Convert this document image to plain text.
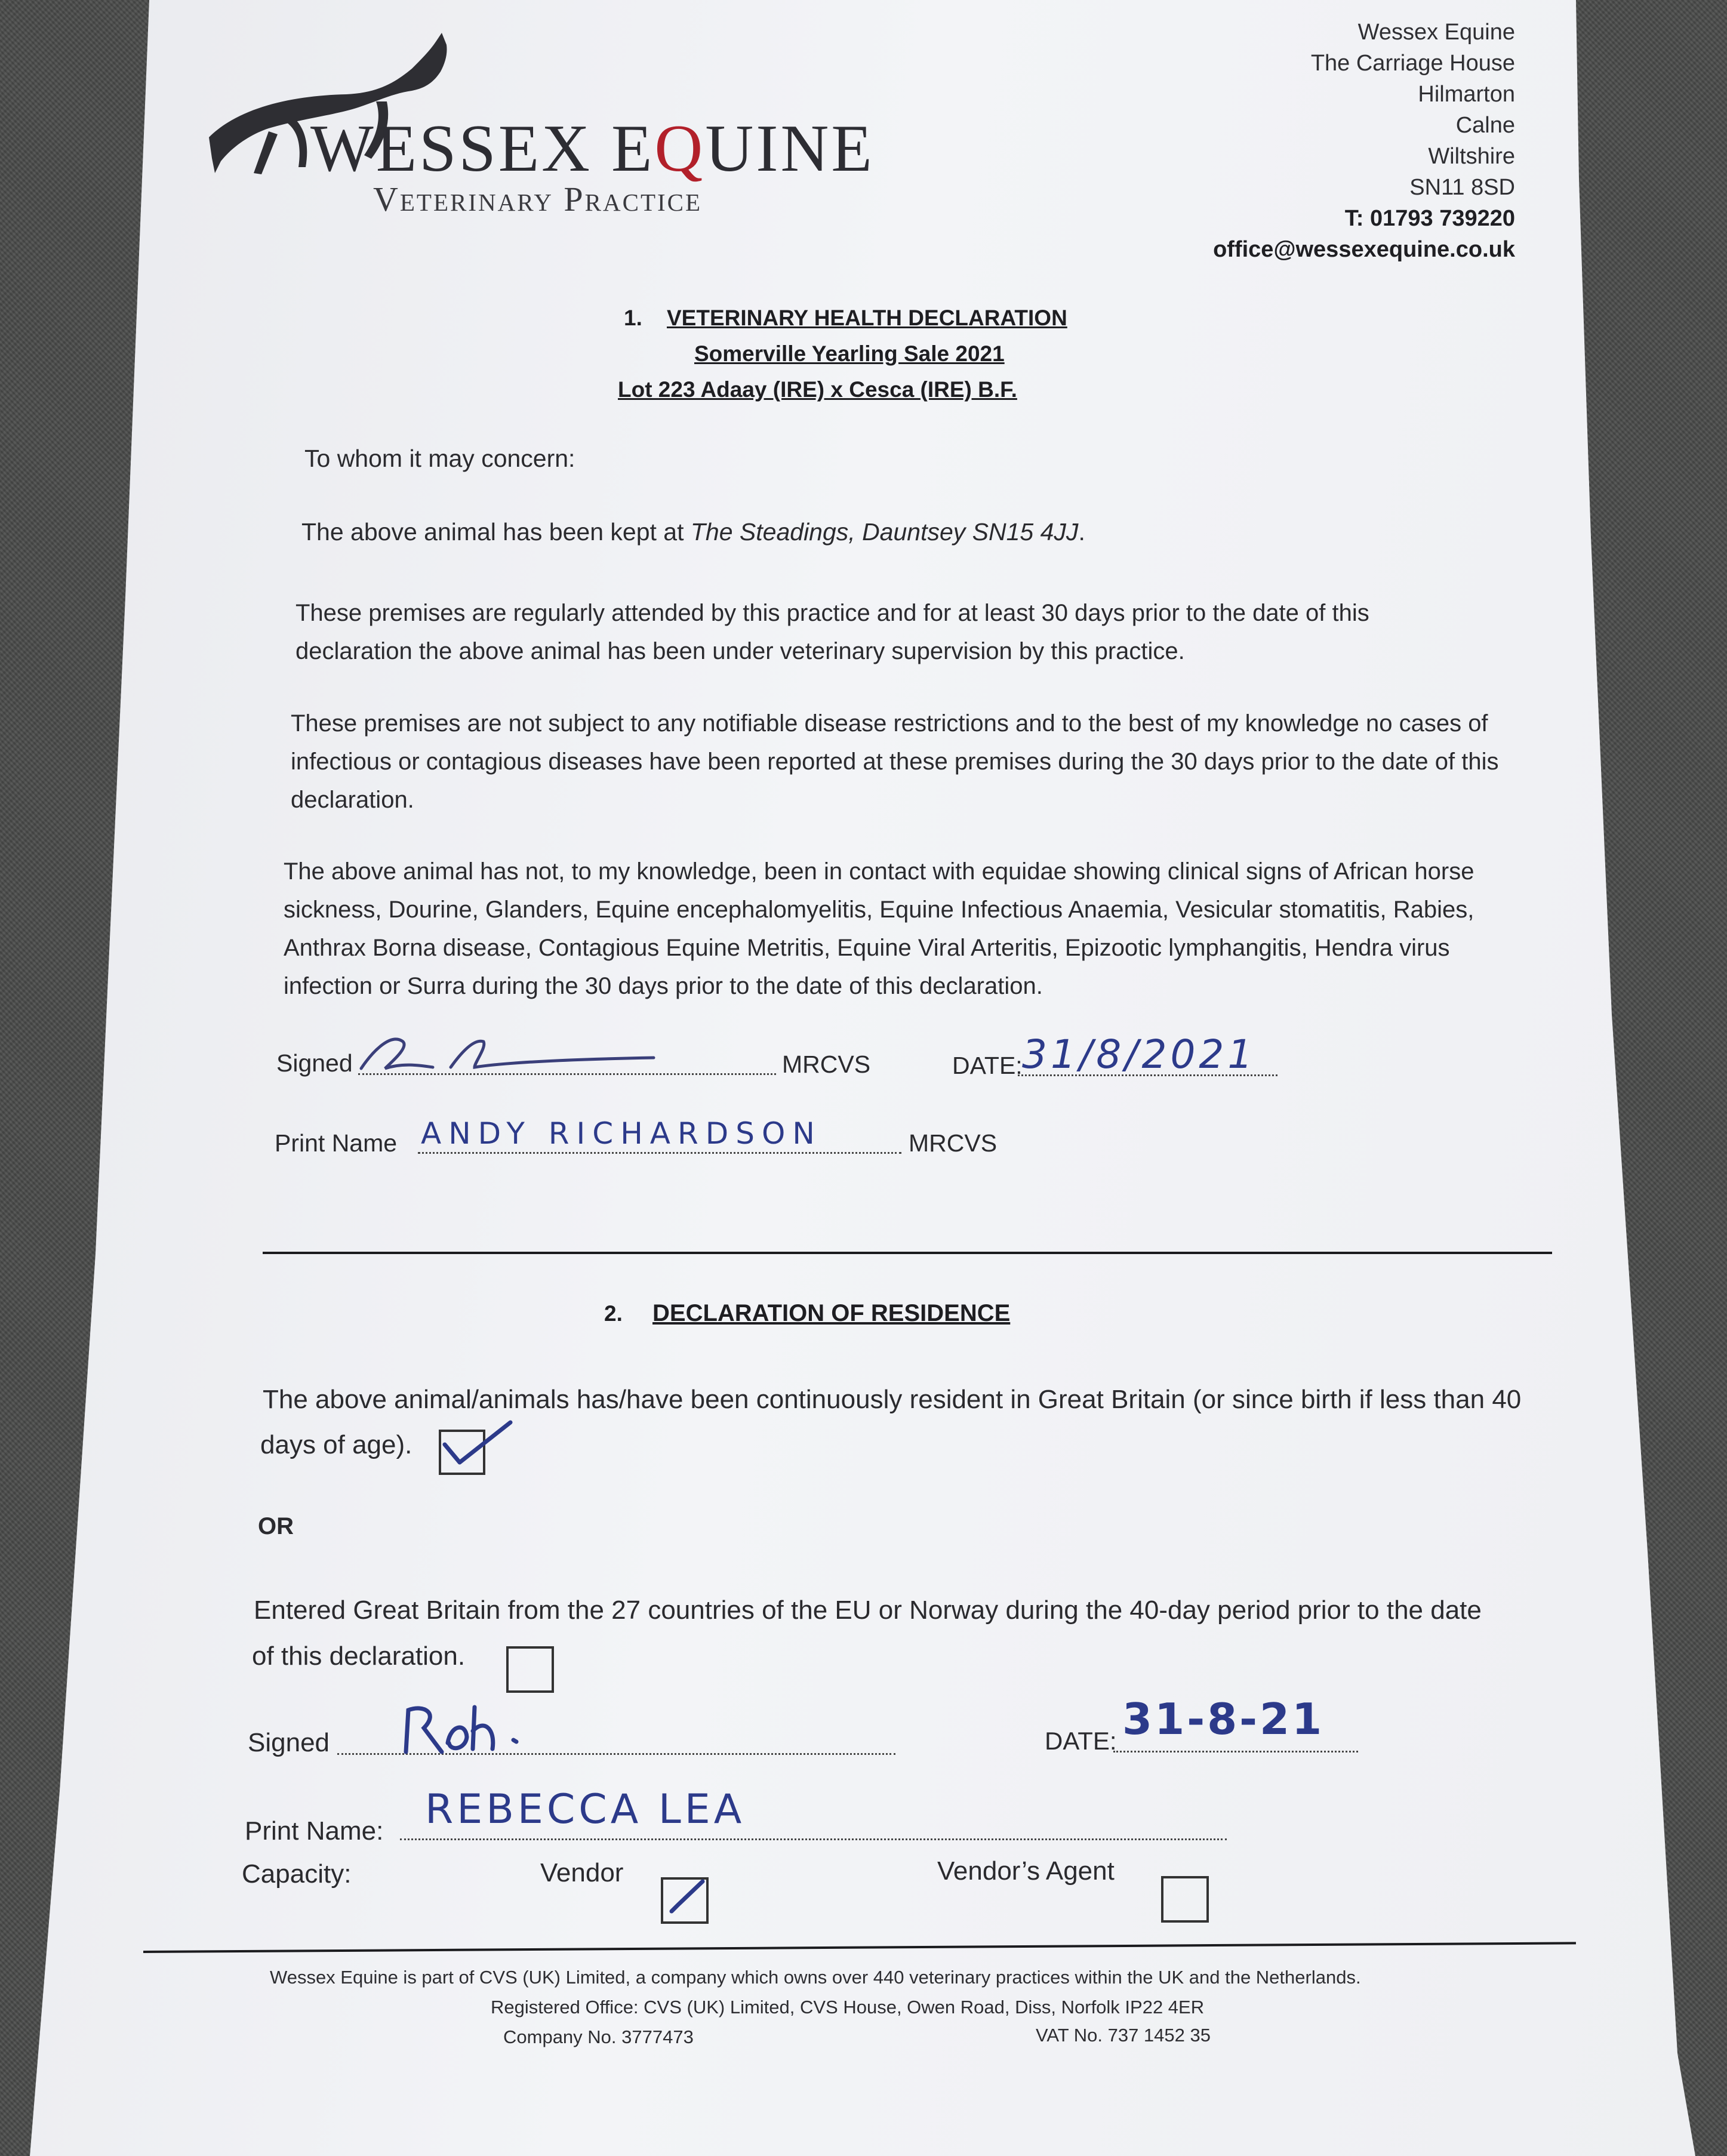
WESSEX EQUINE
Veterinary Practice
Wessex Equine
The Carriage House
Hilmarton
Calne
Wiltshire
SN11 8SD
T: 01793 739220
office@wessexequine.co.uk
1. VETERINARY HEALTH DECLARATION
Somerville Yearling Sale 2021
Lot 223 Adaay (IRE) x Cesca (IRE) B.F.
To whom it may concern:
The above animal has been kept at The Steadings, Dauntsey SN15 4JJ.
These premises are regularly attended by this practice and for at least 30 days prior to the date of this declaration the above animal has been under veterinary supervision by this practice.
These premises are not subject to any notifiable disease restrictions and to the best of my knowledge no cases of infectious or contagious diseases have been reported at these premises during the 30 days prior to the date of this declaration.
The above animal has not, to my knowledge, been in contact with equidae showing clinical signs of African horse sickness, Dourine, Glanders, Equine encephalomyelitis, Equine Infectious Anaemia, Vesicular stomatitis, Rabies, Anthrax Borna disease, Contagious Equine Metritis, Equine Viral Arteritis, Epizootic lymphangitis, Hendra virus infection or Surra during the 30 days prior to the date of this declaration.
Signed	MRCVS	DATE: 31/8/2021
Print Name ANDY RICHARDSON	MRCVS
2. DECLARATION OF RESIDENCE
The above animal/animals has/have been continuously resident in Great Britain (or since birth if less than 40
days of age).
OR
Entered Great Britain from the 27 countries of the EU or Norway during the 40-day period prior to the date
of this declaration.
Signed	DATE: 31-8-21
Print Name: REBECCA LEA
Capacity:	Vendor	Vendor’s Agent
Wessex Equine is part of CVS (UK) Limited, a company which owns over 440 veterinary practices within the UK and the Netherlands.
Registered Office: CVS (UK) Limited, CVS House, Owen Road, Diss, Norfolk IP22 4ER
Company No. 3777473	VAT No. 737 1452 35
